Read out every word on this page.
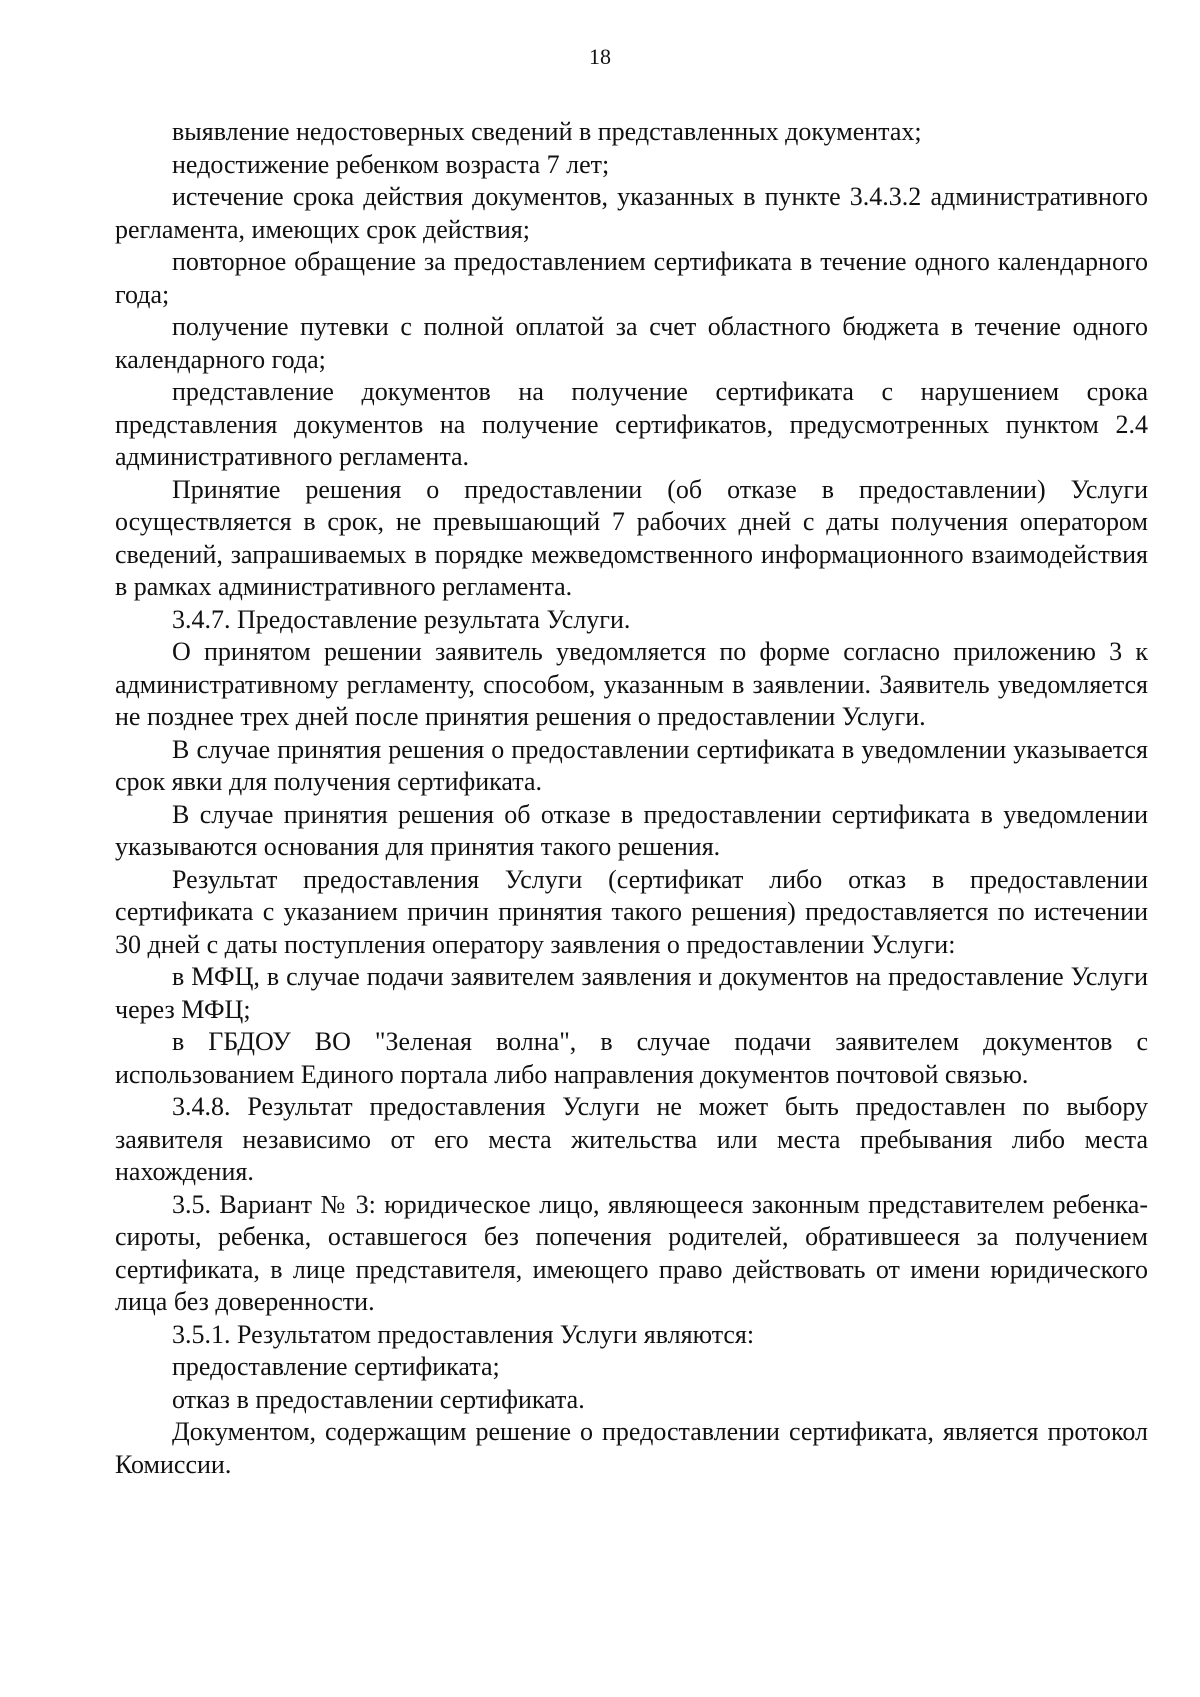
18

выявление недостоверных сведений в представленных документах;

недостижение ребенком возраста 7 лет;

истечение срока действия документов, указанных в пункте 3.4.3.2 административного регламента, имеющих срок действия;

повторное обращение за предоставлением сертификата в течение одного календарного года;

получение путевки с полной оплатой за счет областного бюджета в течение одного календарного года;

представление документов на получение сертификата с нарушением срока представления документов на получение сертификатов, предусмотренных пунктом 2.4 административного регламента.

Принятие решения о предоставлении (об отказе в предоставлении) Услуги осуществляется в срок, не превышающий 7 рабочих дней с даты получения оператором сведений, запрашиваемых в порядке межведомственного информационного взаимодействия в рамках административного регламента.

3.4.7. Предоставление результата Услуги.

О принятом решении заявитель уведомляется по форме согласно приложению 3 к административному регламенту, способом, указанным в заявлении. Заявитель уведомляется не позднее трех дней после принятия решения о предоставлении Услуги.

В случае принятия решения о предоставлении сертификата в уведомлении указывается срок явки для получения сертификата.

В случае принятия решения об отказе в предоставлении сертификата в уведомлении указываются основания для принятия такого решения.

Результат предоставления Услуги (сертификат либо отказ в предоставлении сертификата с указанием причин принятия такого решения) предоставляется по истечении 30 дней с даты поступления оператору заявления о предоставлении Услуги:

в МФЦ, в случае подачи заявителем заявления и документов на предоставление Услуги через МФЦ;

в ГБДОУ ВО "Зеленая волна", в случае подачи заявителем документов с использованием Единого портала либо направления документов почтовой связью.

3.4.8. Результат предоставления Услуги не может быть предоставлен по выбору заявителя независимо от его места жительства или места пребывания либо места нахождения.

3.5. Вариант № 3: юридическое лицо, являющееся законным представителем ребенка-сироты, ребенка, оставшегося без попечения родителей, обратившееся за получением сертификата, в лице представителя, имеющего право действовать от имени юридического лица без доверенности.

3.5.1. Результатом предоставления Услуги являются:

предоставление сертификата;

отказ в предоставлении сертификата.

Документом, содержащим решение о предоставлении сертификата, является протокол Комиссии.
